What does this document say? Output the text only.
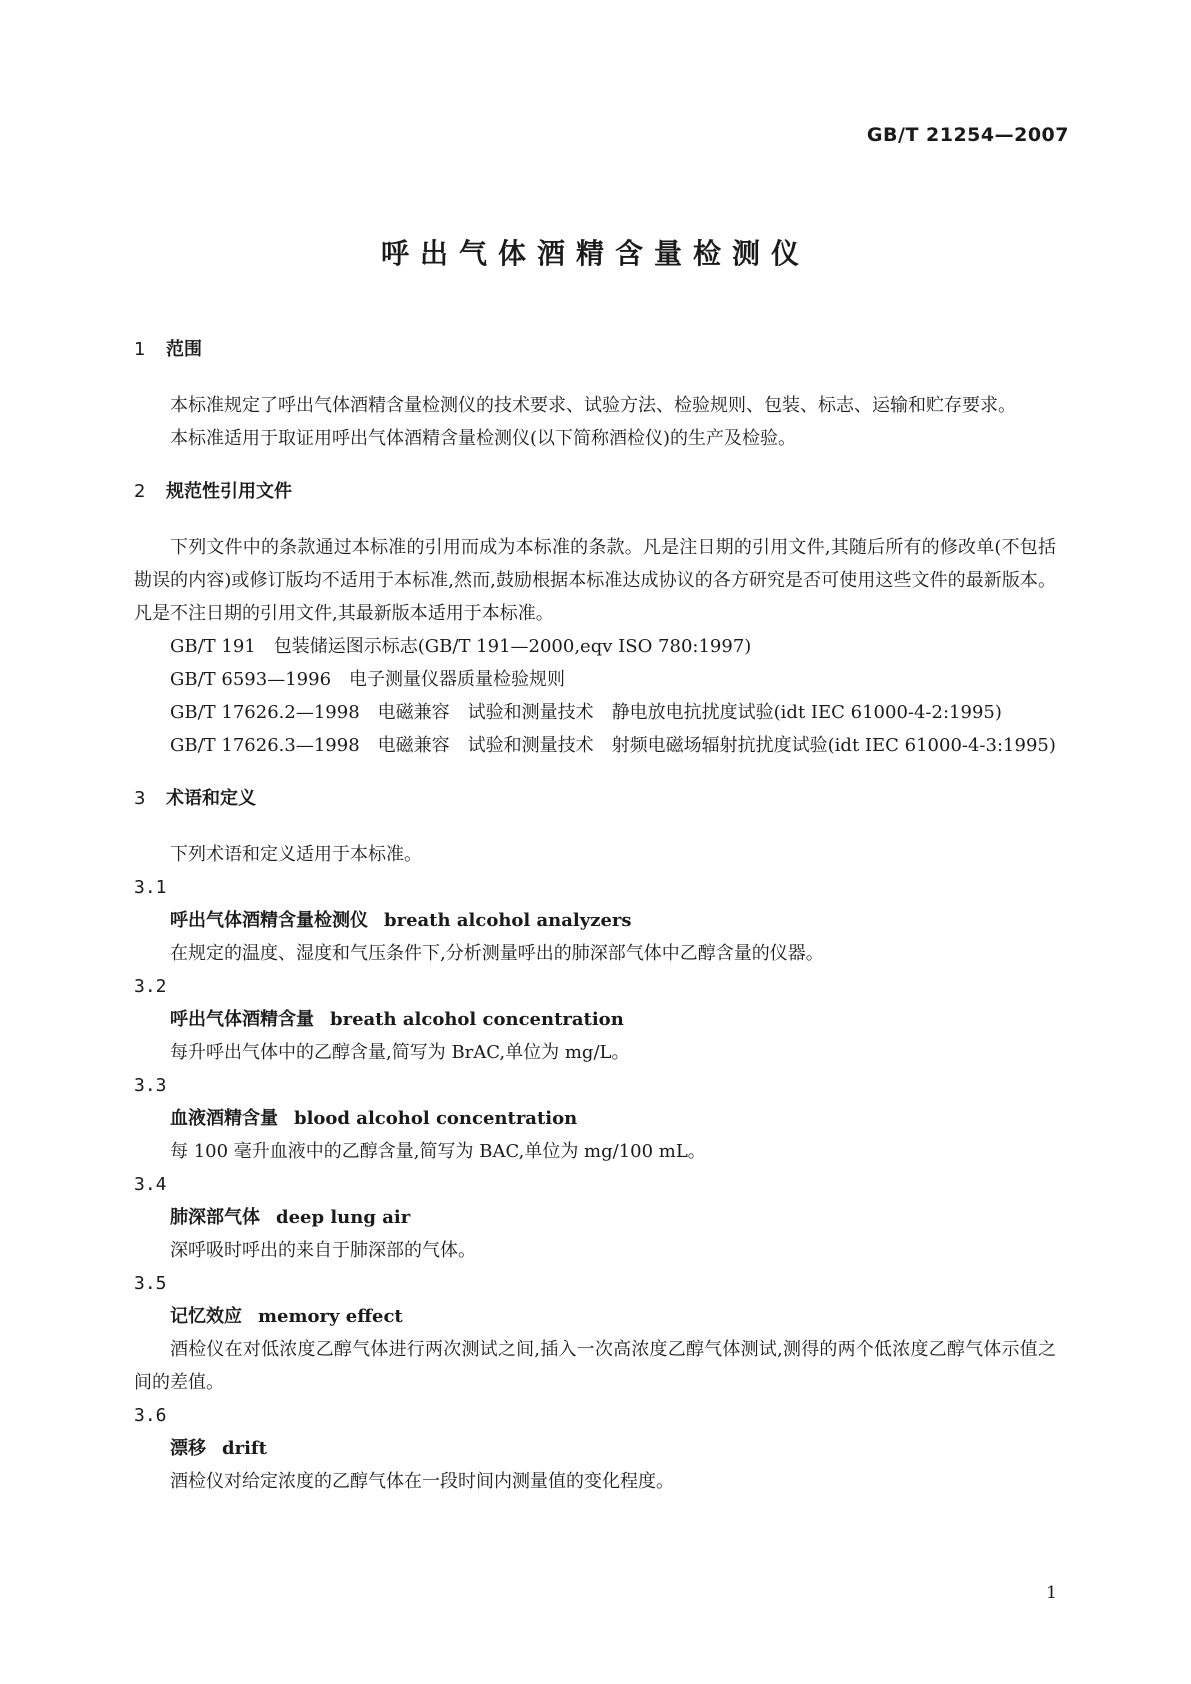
GB/T 21254—2007
呼出气体酒精含量检测仪
1 范围

本标准规定了呼出气体酒精含量检测仪的技术要求、试验方法、检验规则、包装、标志、运输和贮存要求。

本标准适用于取证用呼出气体酒精含量检测仪(以下简称酒检仪)的生产及检验。

2 规范性引用文件

下列文件中的条款通过本标准的引用而成为本标准的条款。凡是注日期的引用文件,其随后所有的修改单(不包括勘误的内容)或修订版均不适用于本标准,然而,鼓励根据本标准达成协议的各方研究是否可使用这些文件的最新版本。凡是不注日期的引用文件,其最新版本适用于本标准。

GB/T 191　包装储运图示标志(GB/T 191—2000,eqv ISO 780:1997)

GB/T 6593—1996　电子测量仪器质量检验规则

GB/T 17626.2—1998　电磁兼容　试验和测量技术　静电放电抗扰度试验(idt IEC 61000-4-2:1995)

GB/T 17626.3—1998　电磁兼容　试验和测量技术　射频电磁场辐射抗扰度试验(idt IEC 61000-4-3:1995)

3 术语和定义

下列术语和定义适用于本标准。

3.1
呼出气体酒精含量检测仪 breath alcohol analyzers

在规定的温度、湿度和气压条件下,分析测量呼出的肺深部气体中乙醇含量的仪器。

3.2
呼出气体酒精含量 breath alcohol concentration

每升呼出气体中的乙醇含量,简写为 BrAC,单位为 mg/L。

3.3
血液酒精含量 blood alcohol concentration

每 100 毫升血液中的乙醇含量,简写为 BAC,单位为 mg/100 mL。

3.4
肺深部气体 deep lung air

深呼吸时呼出的来自于肺深部的气体。

3.5
记忆效应 memory effect

酒检仪在对低浓度乙醇气体进行两次测试之间,插入一次高浓度乙醇气体测试,测得的两个低浓度乙醇气体示值之间的差值。

3.6
漂移 drift

酒检仪对给定浓度的乙醇气体在一段时间内测量值的变化程度。

1
